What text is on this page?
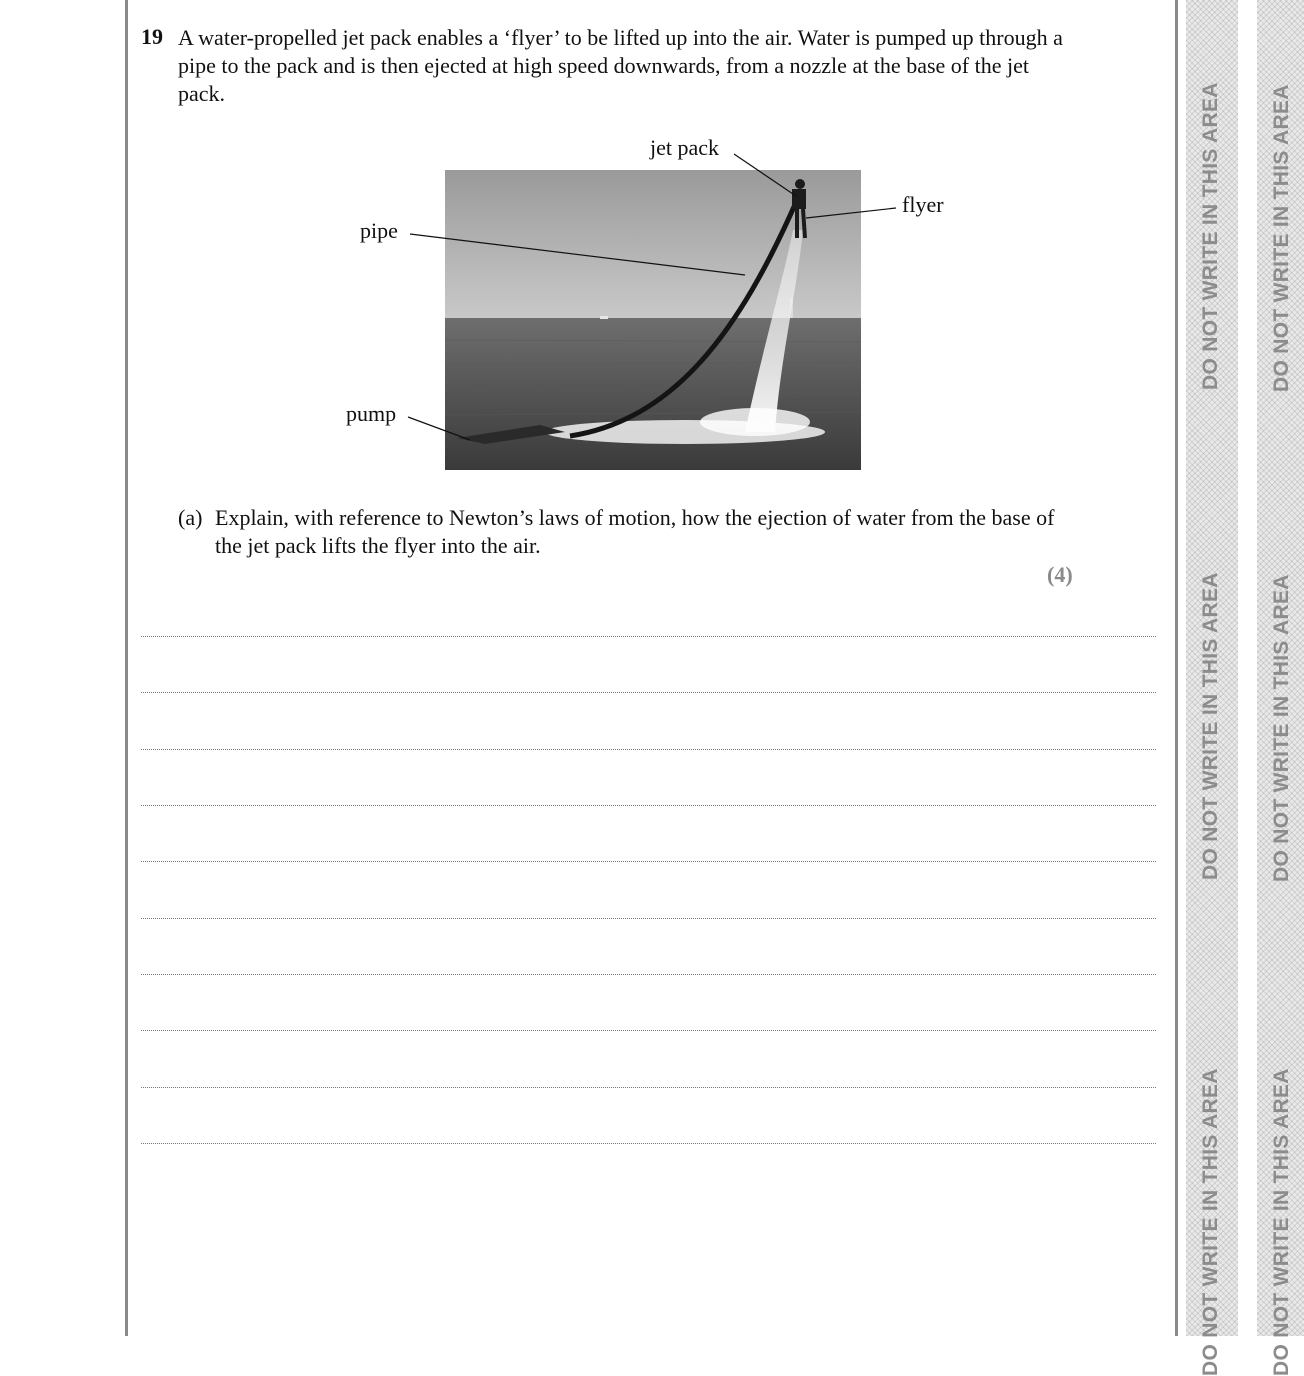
DO NOT WRITE IN THIS AREA
DO NOT WRITE IN THIS AREA
DO NOT WRITE IN THIS AREA
DO NOT WRITE IN THIS AREA
DO NOT WRITE IN THIS AREA
DO NOT WRITE IN THIS AREA
19 A water-propelled jet pack enables a ‘flyer’ to be lifted up into the air. Water is pumped up through a pipe to the pack and is then ejected at high speed downwards, from a nozzle at the base of the jet pack.
jet pack
flyer
pipe
pump
(a) Explain, with reference to Newton’s laws of motion, how the ejection of water from the base of the jet pack lifts the flyer into the air.
(4)
